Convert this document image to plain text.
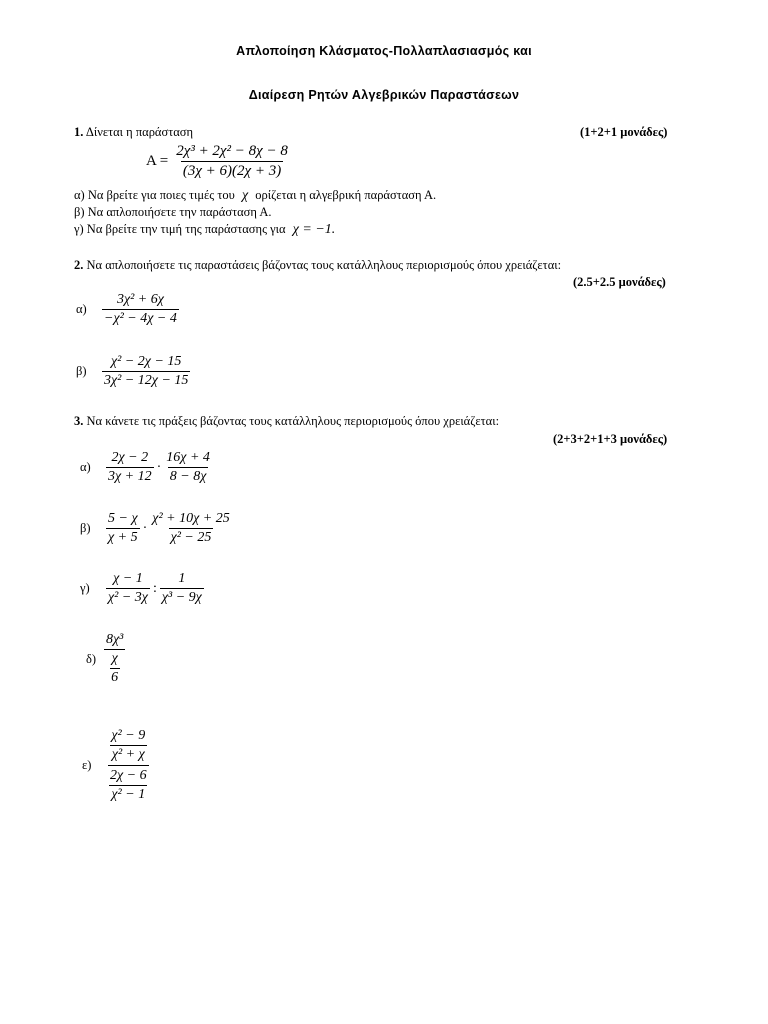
Απλοποίηση Κλάσματος-Πολλαπλασιασμός και
Διαίρεση Ρητών Αλγεβρικών Παραστάσεων
1. Δίνεται η παράσταση	(1+2+1 μονάδες)
$A = \frac{\text{2χ³ + 2χ² − 8χ − 8}}{(3\chi + 6)(2\chi + 3)}$
α) Να βρείτε για ποιες τιμές του χ ορίζεται η αλγεβρική παράσταση Α.
β) Να απλοποιήσετε την παράσταση Α.
γ) Να βρείτε την τιμή της παράστασης για χ = −1.
2. Να απλοποιήσετε τις παραστάσεις βάζοντας τους κατάλληλους περιορισμούς όπου χρειάζεται:
(2.5+2.5 μονάδες)
α)	$\frac{\text{3χ² + 6χ}}{\text{−χ² − 4χ − 4}}$
β)	$\frac{\text{χ² − 2χ − 15}}{\text{3χ² − 12χ − 15}}$
3. Να κάνετε τις πράξεις βάζοντας τους κατάλληλους περιορισμούς όπου χρειάζεται:
(2+3+2+1+3 μονάδες)
α)	$\frac{2\chi - 2}{3\chi + 12} \cdot \frac{16\chi + 4}{8 - 8\chi}$
β)	$\frac{5 - \chi}{\chi + 5} \cdot \frac{\text{χ² + 10χ + 25}}{\text{χ² − 25}}$
γ)	$\frac{\chi - 1}{\text{χ² − 3χ}}$ : $\frac{1}{\text{χ³ − 9χ}}$
δ)
8χ³
χ
6
ε)
$\frac{\text{χ² − 9}}{\text{χ² + χ}}$
$\frac{2\chi - 6}{\text{χ² − 1}}$
